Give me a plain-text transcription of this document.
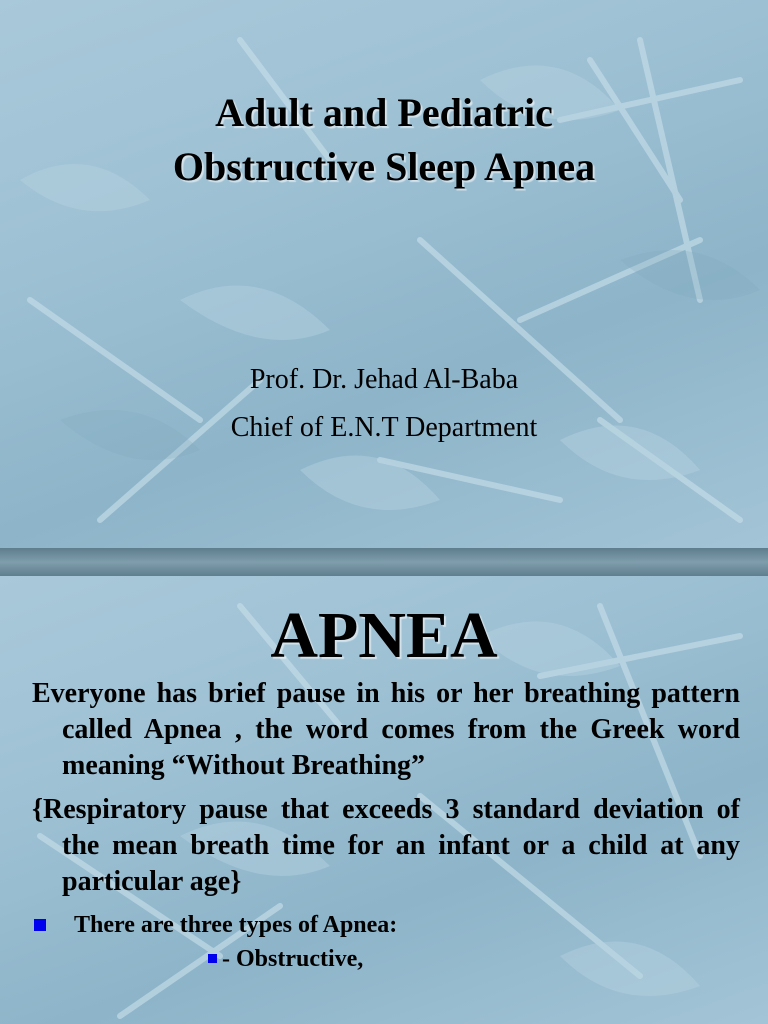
Adult and Pediatric
Obstructive Sleep Apnea
Prof. Dr. Jehad Al-Baba
Chief of E.N.T Department
APNEA

Everyone has brief pause in his or her breathing pattern called Apnea , the word comes from the Greek word meaning “Without Breathing”

{Respiratory pause that exceeds 3 standard deviation of the mean breath time for an infant or a child at any particular age}

There are three types of Apnea:
- Obstructive,
